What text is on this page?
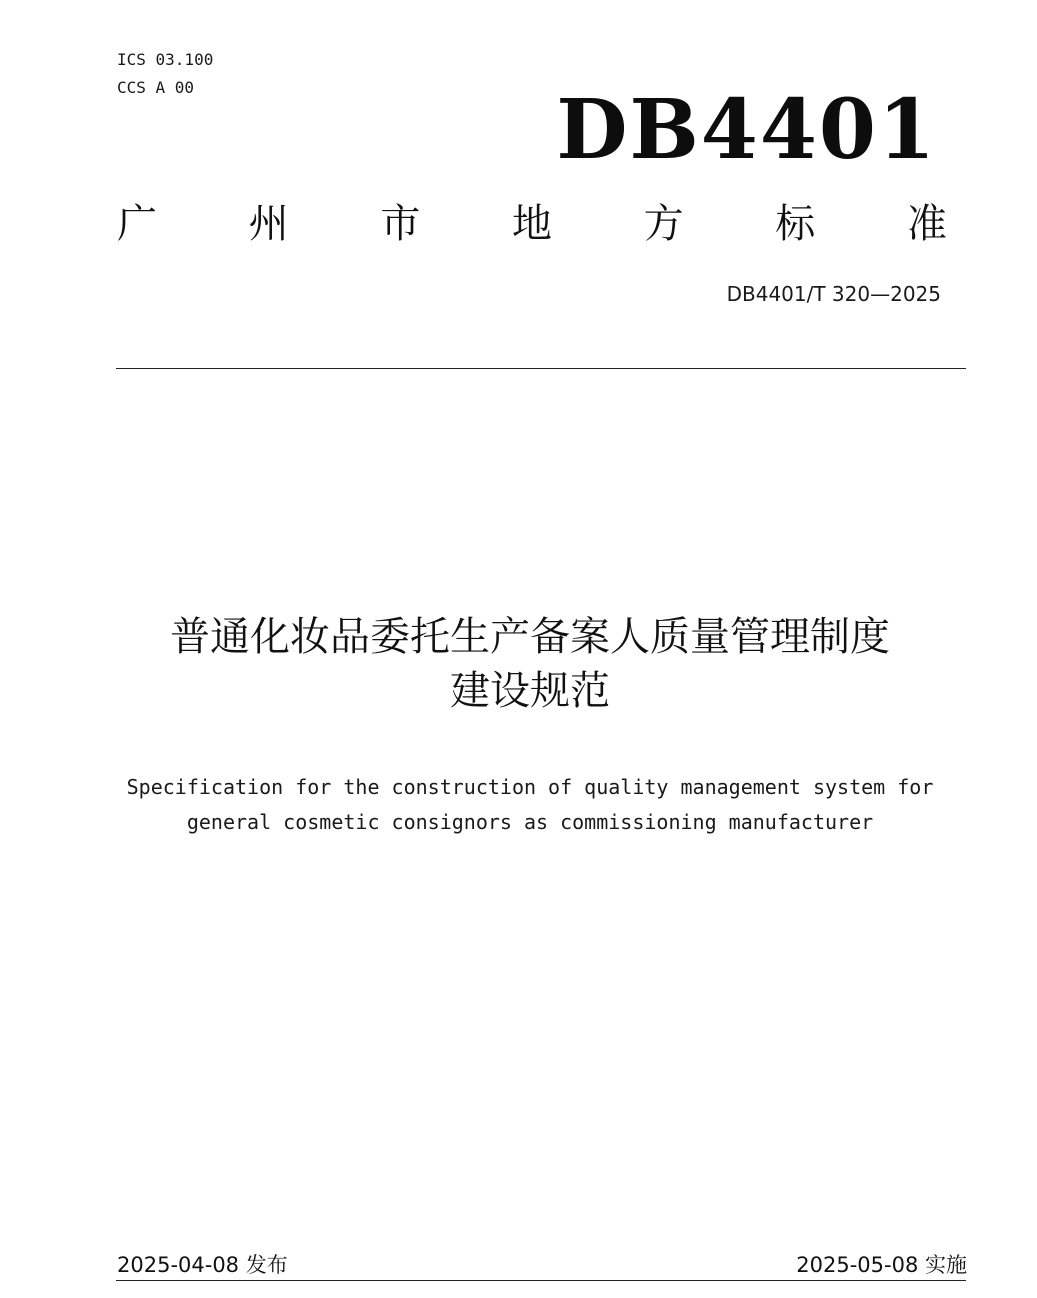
ICS 03.100
CCS A 00	DB4401
广 州 市 地 方 标 准
DB4401/T 320—2025
普通化妆品委托生产备案人质量管理制度
建设规范
Specification for the construction of quality management system for
general cosmetic consignors as commissioning manufacturer
2025-04-08 发布	2025-05-08 实施
